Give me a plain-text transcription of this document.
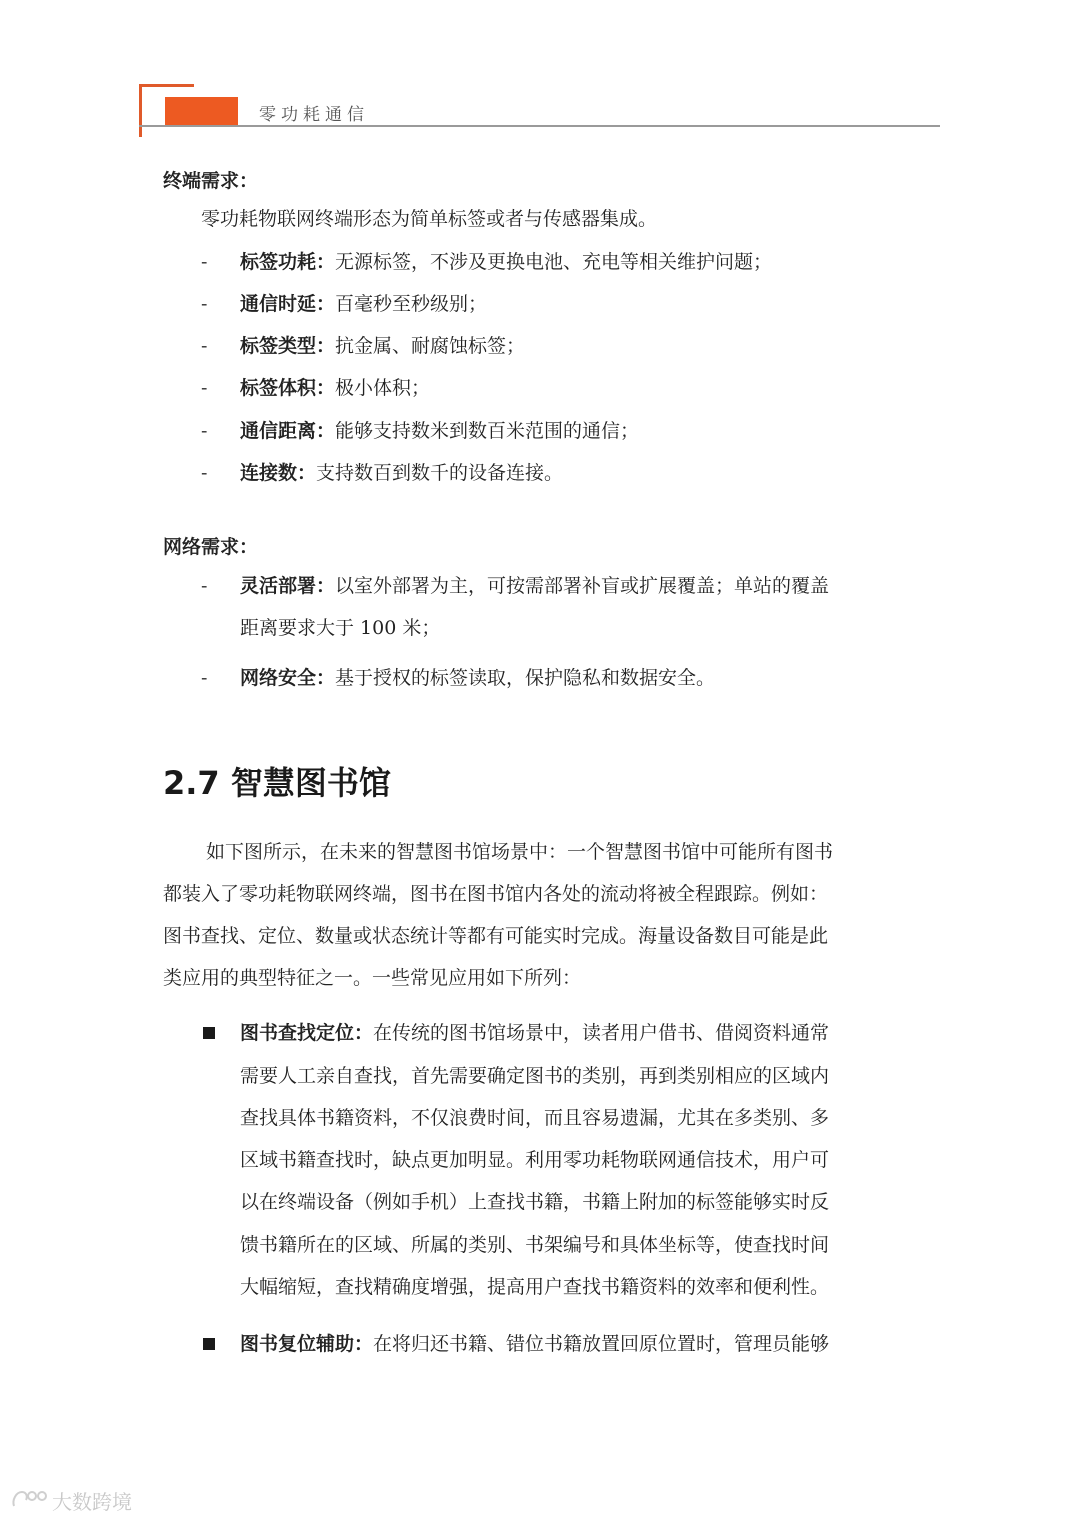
零功耗通信
终端需求：
零功耗物联网终端形态为简单标签或者与传感器集成。
- 标签功耗：无源标签，不涉及更换电池、充电等相关维护问题；
- 通信时延：百毫秒至秒级别；
- 标签类型：抗金属、耐腐蚀标签；
- 标签体积：极小体积；
- 通信距离：能够支持数米到数百米范围的通信；
- 连接数：支持数百到数千的设备连接。
网络需求：
- 灵活部署：以室外部署为主，可按需部署补盲或扩展覆盖；单站的覆盖
距离要求大于 100 米；
- 网络安全：基于授权的标签读取，保护隐私和数据安全。
2.7 智慧图书馆
如下图所示，在未来的智慧图书馆场景中：一个智慧图书馆中可能所有图书
都装入了零功耗物联网终端，图书在图书馆内各处的流动将被全程跟踪。例如：
图书查找、定位、数量或状态统计等都有可能实时完成。海量设备数目可能是此
类应用的典型特征之一。一些常见应用如下所列：
图书查找定位：在传统的图书馆场景中，读者用户借书、借阅资料通常
需要人工亲自查找，首先需要确定图书的类别，再到类别相应的区域内
查找具体书籍资料，不仅浪费时间，而且容易遗漏，尤其在多类别、多
区域书籍查找时，缺点更加明显。利用零功耗物联网通信技术，用户可
以在终端设备（例如手机）上查找书籍，书籍上附加的标签能够实时反
馈书籍所在的区域、所属的类别、书架编号和具体坐标等，使查找时间
大幅缩短，查找精确度增强，提高用户查找书籍资料的效率和便利性。
图书复位辅助：在将归还书籍、错位书籍放置回原位置时，管理员能够
大数跨境
